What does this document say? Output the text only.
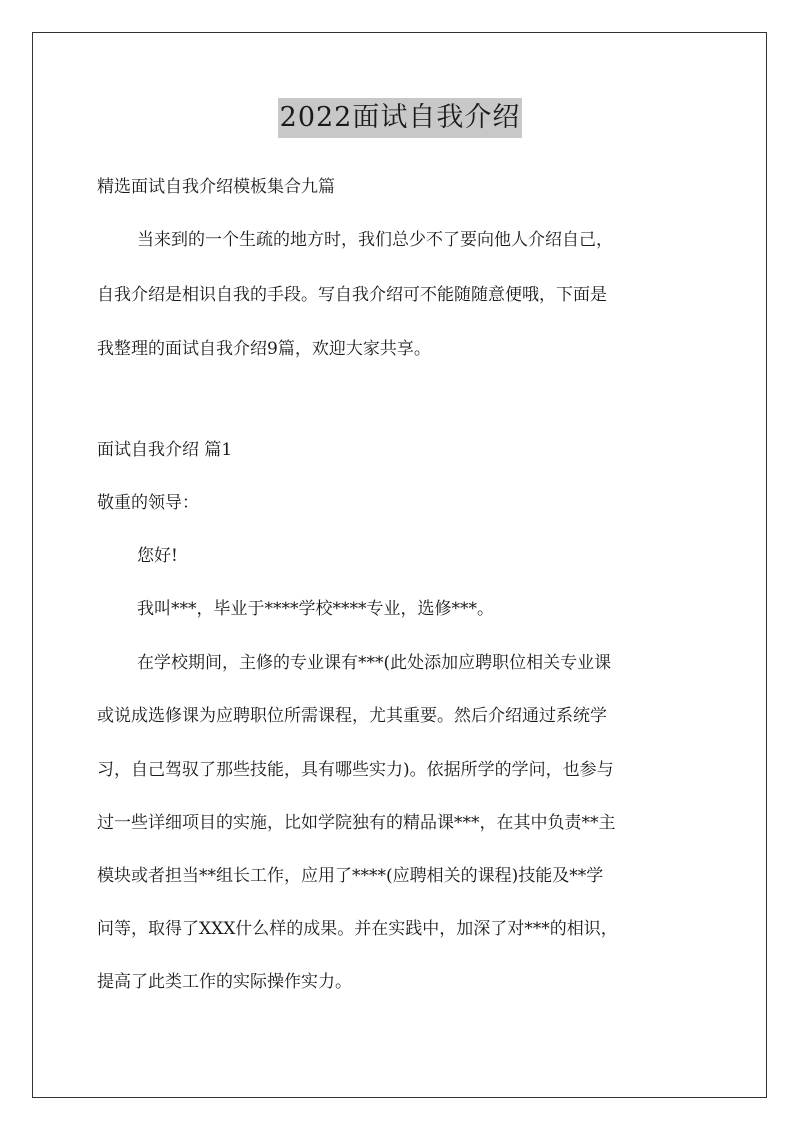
2022面试自我介绍
精选面试自我介绍模板集合九篇
当来到的一个生疏的地方时，我们总少不了要向他人介绍自己，
自我介绍是相识自我的手段。写自我介绍可不能随随意便哦，下面是
我整理的面试自我介绍9篇，欢迎大家共享。
面试自我介绍 篇1
敬重的领导：
您好!
我叫***，毕业于****学校****专业，选修***。
在学校期间，主修的专业课有***(此处添加应聘职位相关专业课
或说成选修课为应聘职位所需课程，尤其重要。然后介绍通过系统学
习，自己驾驭了那些技能，具有哪些实力)。依据所学的学问，也参与
过一些详细项目的实施，比如学院独有的精品课***，在其中负责**主
模块或者担当**组长工作，应用了****(应聘相关的课程)技能及**学
问等，取得了XXX什么样的成果。并在实践中，加深了对***的相识，
提高了此类工作的实际操作实力。
